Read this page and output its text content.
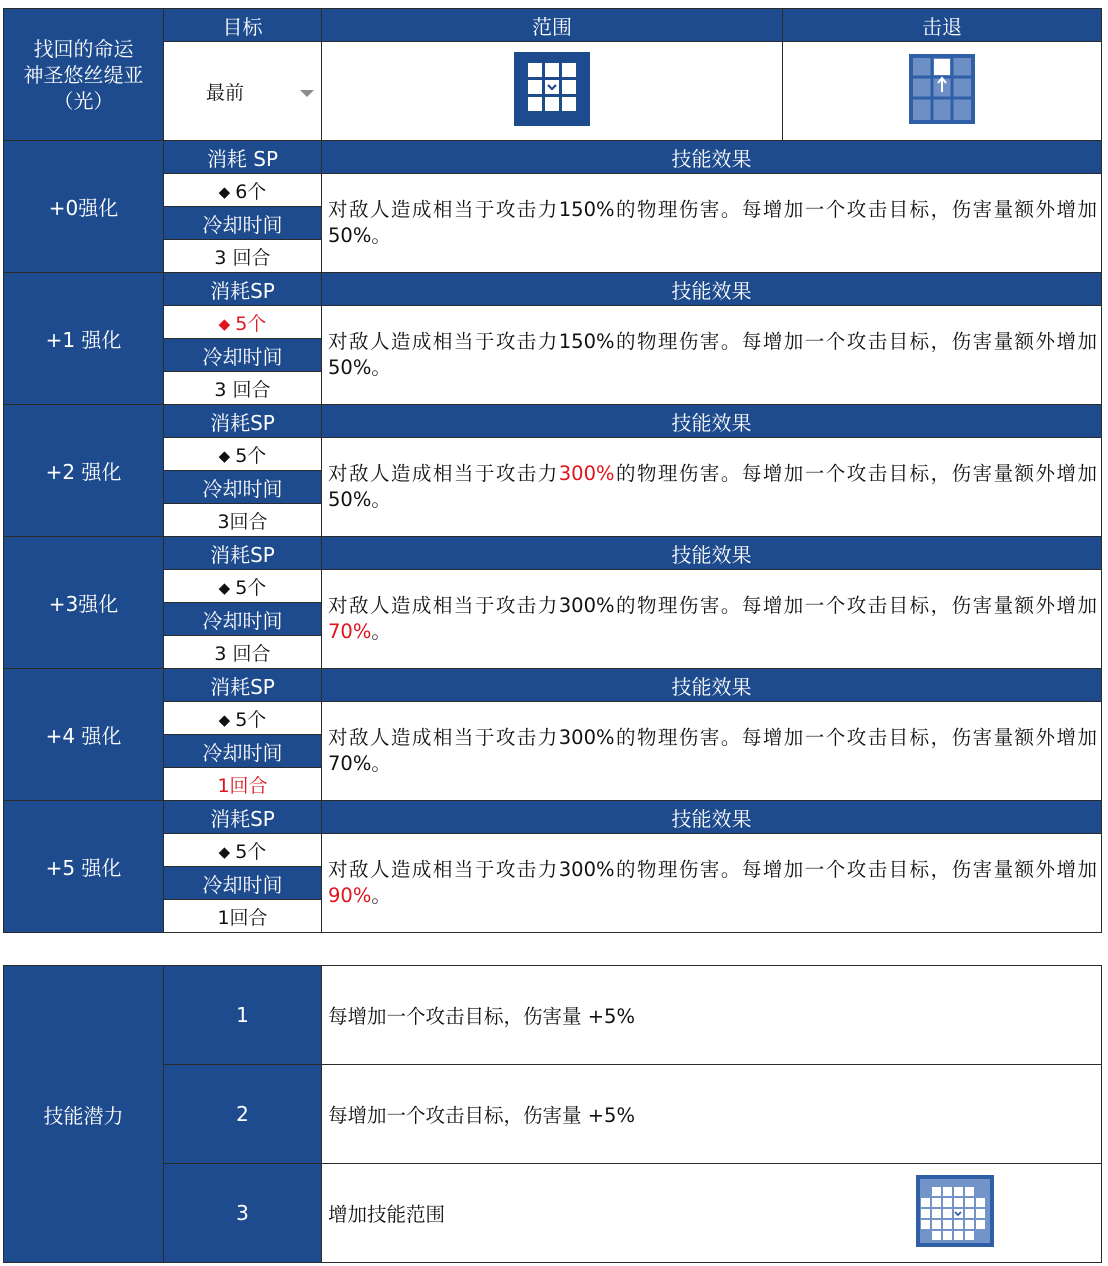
找回的命运
神圣悠丝缇亚
（光）	目标	范围	击退

	最前

+0强化	消耗 SP	技能效果	
	◆ 6个	对敌人造成相当于攻击力150%的物理伤害。每增加一个攻击目标，伤害量额外增加50%。	
	冷却时间		
	3 回合		
+1 强化	消耗SP	技能效果	
	◆ 5个	对敌人造成相当于攻击力150%的物理伤害。每增加一个攻击目标，伤害量额外增加50%。	
	冷却时间		
	3 回合		
+2 强化	消耗SP	技能效果	
	◆ 5个	对敌人造成相当于攻击力300%的物理伤害。每增加一个攻击目标，伤害量额外增加50%。	
	冷却时间		
	3回合		
+3强化	消耗SP	技能效果	
	◆ 5个	对敌人造成相当于攻击力300%的物理伤害。每增加一个攻击目标，伤害量额外增加70%。	
	冷却时间		
	3 回合		
+4 强化	消耗SP	技能效果	
	◆ 5个	对敌人造成相当于攻击力300%的物理伤害。每增加一个攻击目标，伤害量额外增加70%。	
	冷却时间		
	1回合		
+5 强化	消耗SP	技能效果	
	◆ 5个	对敌人造成相当于攻击力300%的物理伤害。每增加一个攻击目标，伤害量额外增加90%。	
	冷却时间		
	1回合		
技能潜力	1	每增加一个攻击目标，伤害量 +5%
	2	每增加一个攻击目标，伤害量 +5%
	3	增加技能范围
